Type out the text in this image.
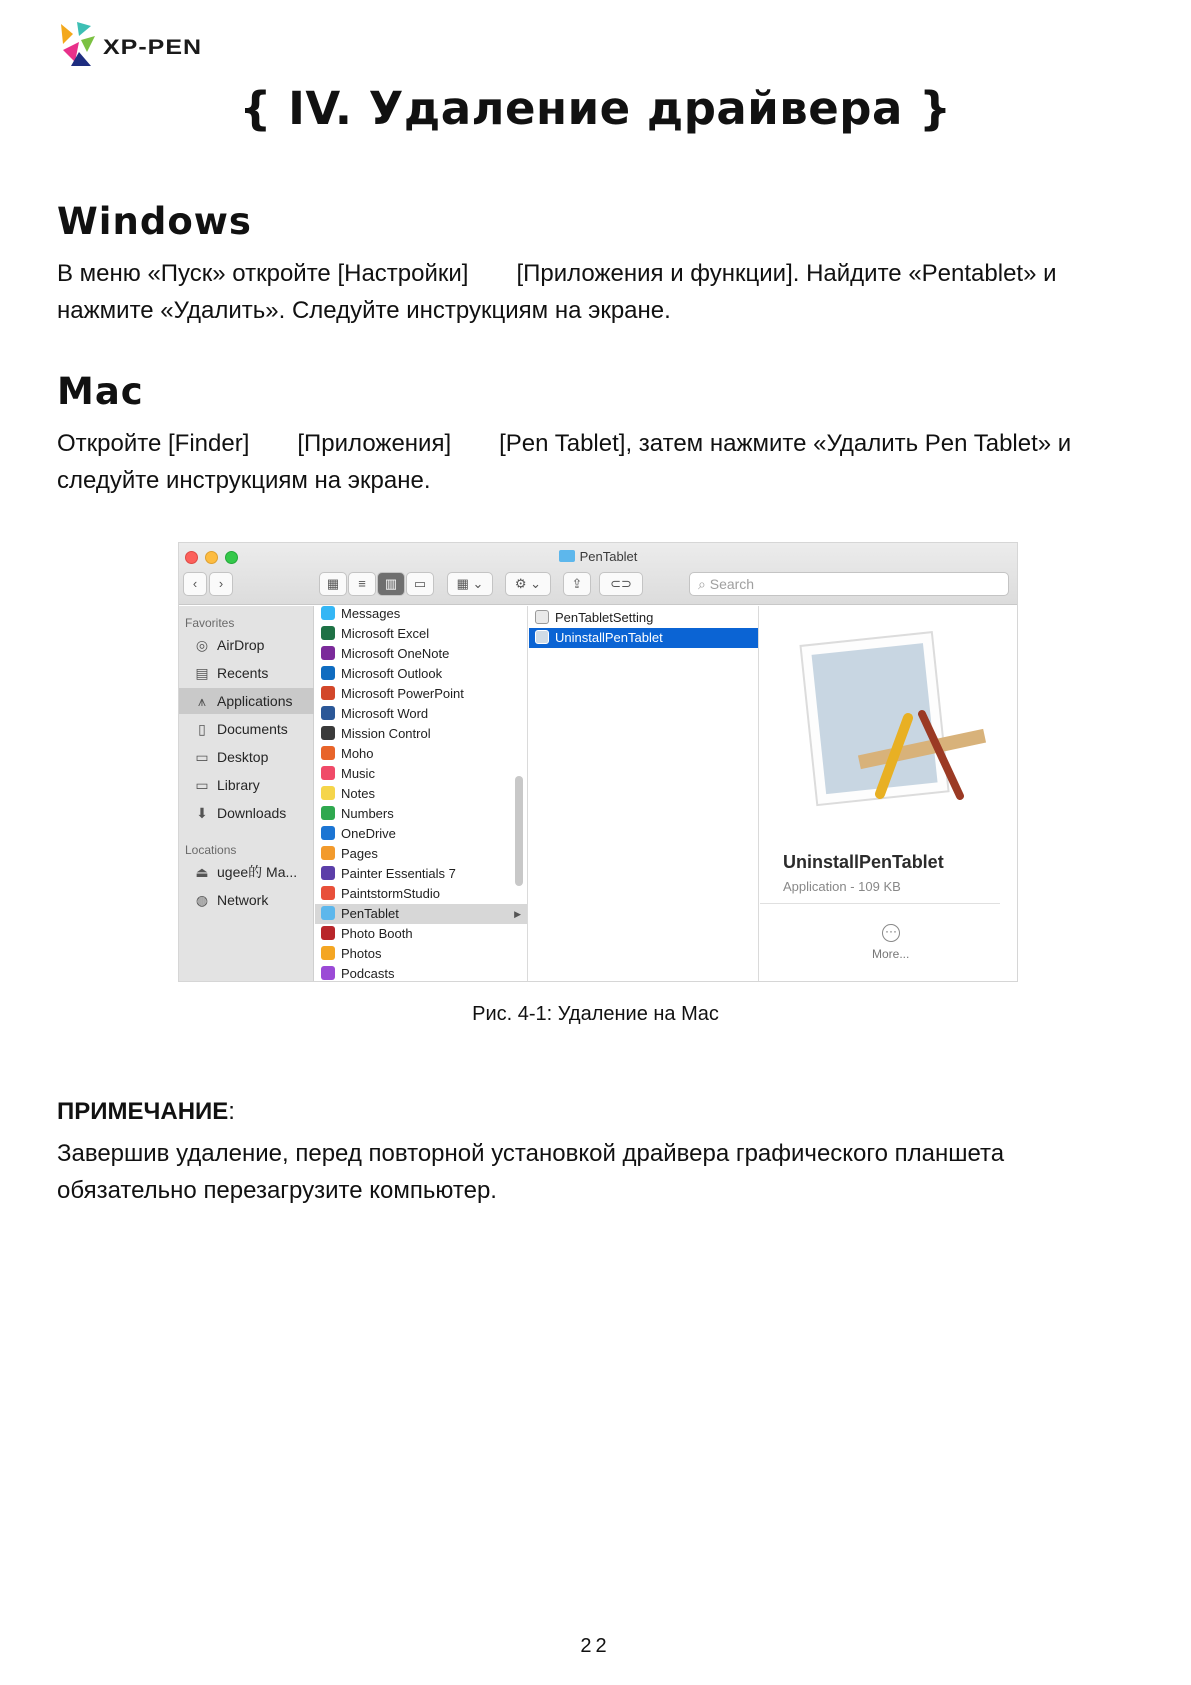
XP-PEN
{ IV. Удаление драйвера }
Windows
В меню «Пуск» откройте [Настройки] [Приложения и функции]. Найдите «Pentablet» и
нажмите «Удалить». Следуйте инструкциям на экране.
Mac
Откройте [Finder] [Приложения] [Pen Tablet], затем нажмите «Удалить Pen Tablet» и
следуйте инструкциям на экране.
PenTablet
‹	›	▦	≡	▥	▭	▦ ⌄	⚙ ⌄	⇪	⊂⊃	⌕ Search
Favorites
◎ AirDrop
▤ Recents
⩚ Applications
▯ Documents
▭ Desktop
▭ Library
⬇ Downloads
Locations
⏏ ugee的 Ma...
◍ Network
Messages
Microsoft Excel
Microsoft OneNote
Microsoft Outlook
Microsoft PowerPoint
Microsoft Word
Mission Control
Moho
Music
Notes
Numbers
OneDrive
Pages
Painter Essentials 7
PaintstormStudio
PenTablet	▶
Photo Booth
Photos
Podcasts
PenTabletSetting
UninstallPenTablet
UninstallPenTablet
Application - 109 KB
···
More...
Рис. 4-1: Удаление на Mac
ПРИМЕЧАНИЕ:
Завершив удаление, перед повторной установкой драйвера графического планшета
обязательно перезагрузите компьютер.
22
